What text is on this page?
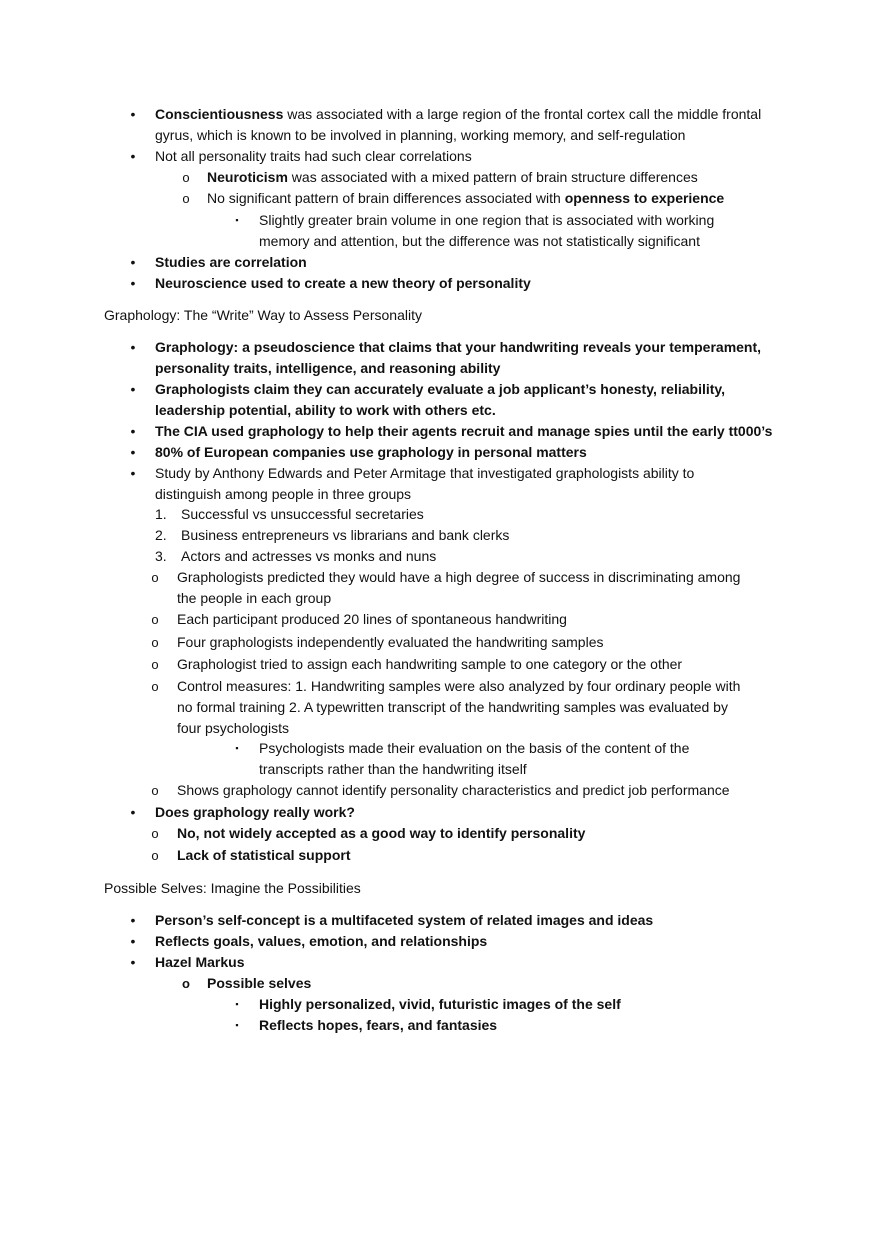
•	Conscientiousness was associated with a large region of the frontal cortex call the middle frontal
gyrus, which is known to be involved in planning, working memory, and self-regulation
•	Not all personality traits had such clear correlations
o Neuroticism was associated with a mixed pattern of brain structure differences
o No significant pattern of brain differences associated with openness to experience
▪	Slightly greater brain volume in one region that is associated with working
memory and attention, but the difference was not statistically significant
•	Studies are correlation
•	Neuroscience used to create a new theory of personality
Graphology: The “Write” Way to Assess Personality
•	Graphology: a pseudoscience that claims that your handwriting reveals your temperament,
personality traits, intelligence, and reasoning ability
•	Graphologists claim they can accurately evaluate a job applicant’s honesty, reliability,
leadership potential, ability to work with others etc.
•	The CIA used graphology to help their agents recruit and manage spies until the early tt000’s
•	80% of European companies use graphology in personal matters
•	Study by Anthony Edwards and Peter Armitage that investigated graphologists ability to
distinguish among people in three groups
1. Successful vs unsuccessful secretaries
2. Business entrepreneurs vs librarians and bank clerks
3. Actors and actresses vs monks and nuns
o Graphologists predicted they would have a high degree of success in discriminating among
the people in each group
o Each participant produced 20 lines of spontaneous handwriting
o Four graphologists independently evaluated the handwriting samples
o Graphologist tried to assign each handwriting sample to one category or the other
o Control measures: 1. Handwriting samples were also analyzed by four ordinary people with
no formal training 2. A typewritten transcript of the handwriting samples was evaluated by
four psychologists
▪	Psychologists made their evaluation on the basis of the content of the
transcripts rather than the handwriting itself
o Shows graphology cannot identify personality characteristics and predict job performance
•	Does graphology really work?
o No, not widely accepted as a good way to identify personality
o Lack of statistical support
Possible Selves: Imagine the Possibilities
•	Person’s self-concept is a multifaceted system of related images and ideas
•	Reflects goals, values, emotion, and relationships
•	Hazel Markus
o Possible selves
▪	Highly personalized, vivid, futuristic images of the self
▪	Reflects hopes, fears, and fantasies
